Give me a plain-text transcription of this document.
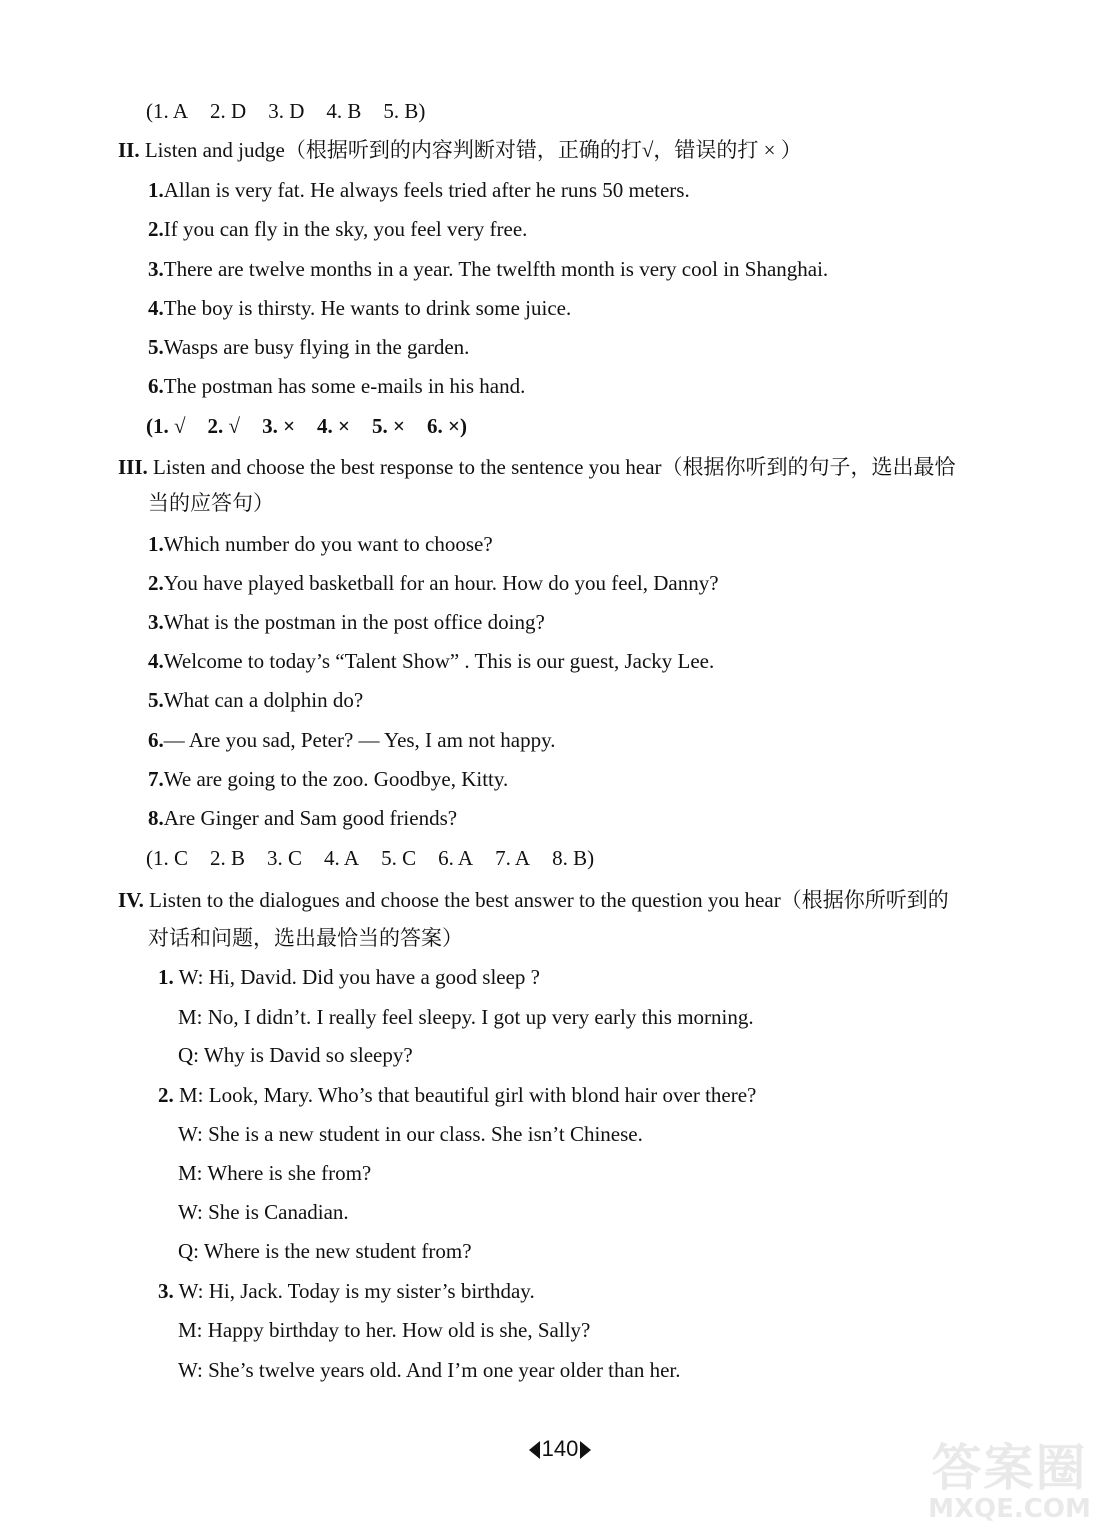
(1. A 2. D 3. D 4. B 5. B)
II. Listen and judge（根据听到的内容判断对错，正确的打√，错误的打 × ）
1.Allan is very fat. He always feels tried after he runs 50 meters.
2.If you can fly in the sky, you feel very free.
3.There are twelve months in a year. The twelfth month is very cool in Shanghai.
4.The boy is thirsty. He wants to drink some juice.
5.Wasps are busy flying in the garden.
6.The postman has some e-mails in his hand.
(1. √ 2. √ 3. × 4. × 5. × 6. ×)
III. Listen and choose the best response to the sentence you hear（根据你听到的句子，选出最恰
当的应答句）
1.Which number do you want to choose?
2.You have played basketball for an hour. How do you feel, Danny?
3.What is the postman in the post office doing?
4.Welcome to today’s “Talent Show” . This is our guest, Jacky Lee.
5.What can a dolphin do?
6.— Are you sad, Peter? — Yes, I am not happy.
7.We are going to the zoo. Goodbye, Kitty.
8.Are Ginger and Sam good friends?
(1. C 2. B 3. C 4. A 5. C 6. A 7. A 8. B)
IV. Listen to the dialogues and choose the best answer to the question you hear（根据你所听到的
对话和问题，选出最恰当的答案）
1. W: Hi, David. Did you have a good sleep ?
M: No, I didn’t. I really feel sleepy. I got up very early this morning.
Q: Why is David so sleepy?
2. M: Look, Mary. Who’s that beautiful girl with blond hair over there?
W: She is a new student in our class. She isn’t Chinese.
M: Where is she from?
W: She is Canadian.
Q: Where is the new student from?
3. W: Hi, Jack. Today is my sister’s birthday.
M: Happy birthday to her. How old is she, Sally?
W: She’s twelve years old. And I’m one year older than her.
140	答案圈
MXQE.COM
